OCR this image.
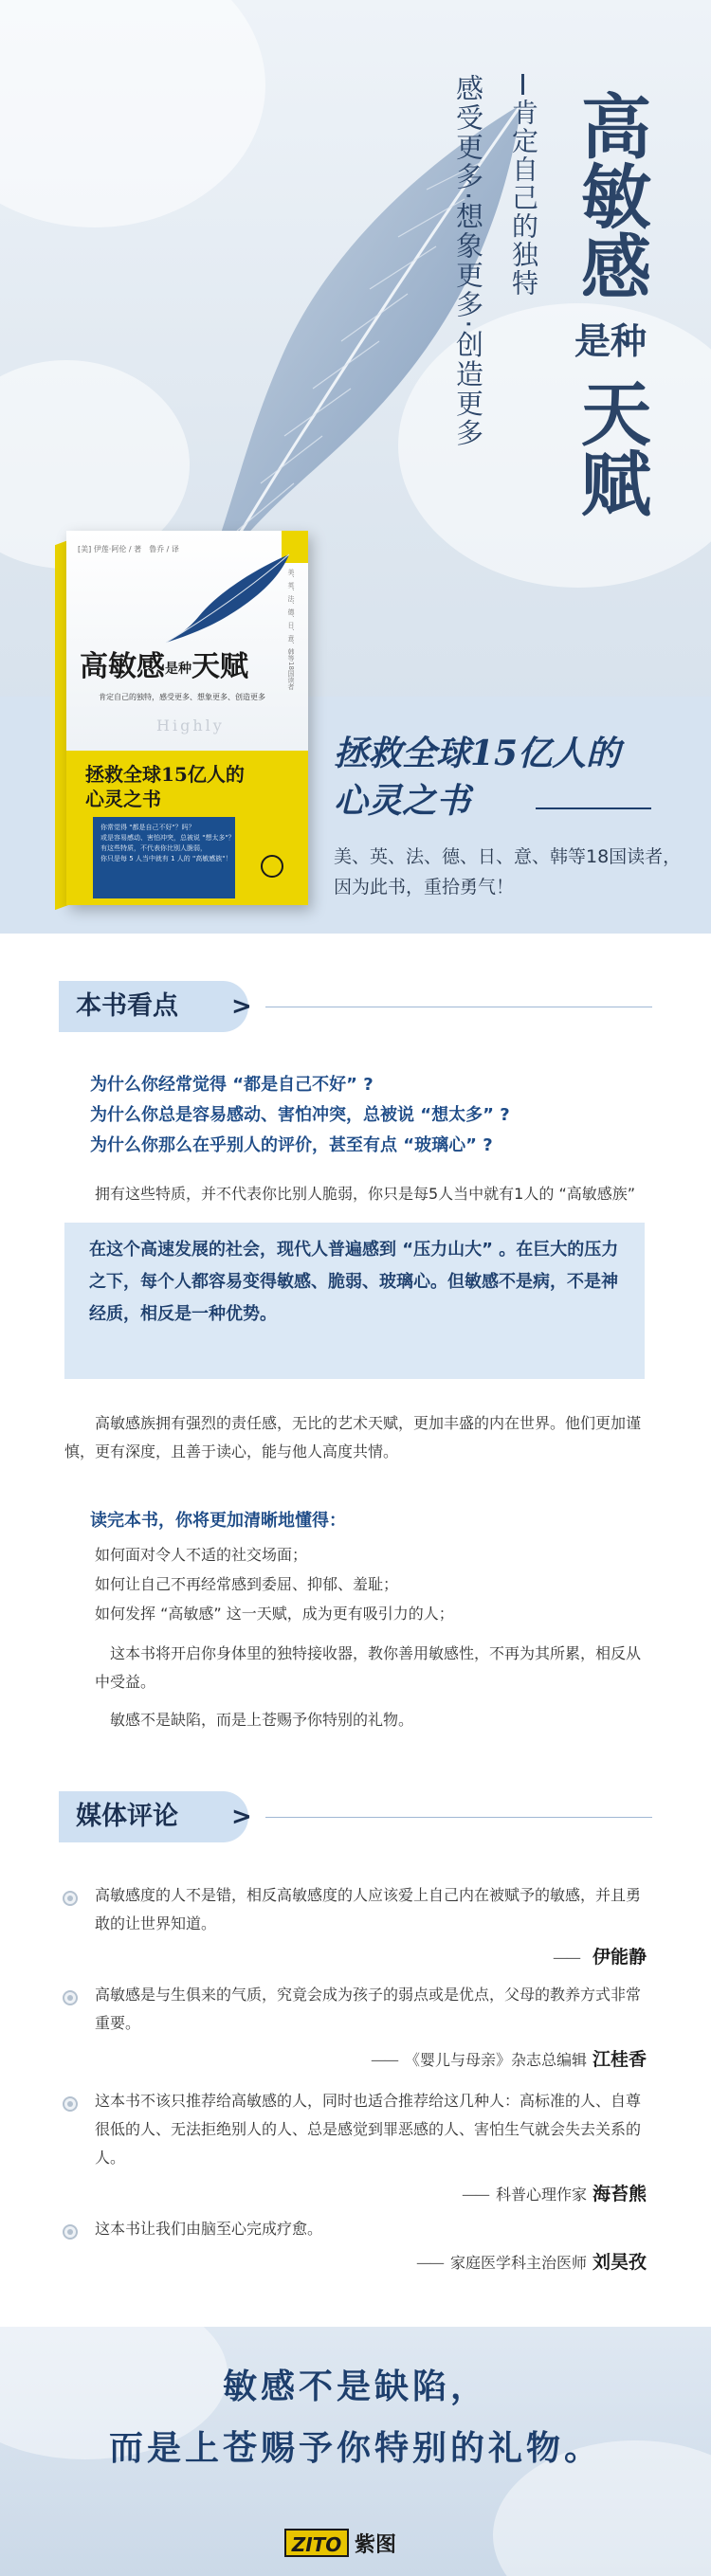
肯定自己的独特
感受更多·想象更多·创造更多 高敏感
是种
天赋
拯救全球15亿人的
心灵之书
美、英、法、德、日、意、韩等18国读者，因为此书，重拾勇气！
[美] 伊莲·阿伦 / 著　鲁乔 / 译
高敏感是种天赋
肯定自己的独特，感受更多、想象更多、创造更多
Highly
美、英、法、德、日、意、韩等18国读者
拯救全球15亿人的
心灵之书
你常觉得 "都是自己不好"？吗？
或是容易感动、害怕冲突，总被说 "想太多"？
有这些特质，不代表你比别人脆弱，
你只是每 5 人当中就有 1 人的 "高敏感族"！
本书看点	>
为什么你经常觉得 “都是自己不好” ?
为什么你总是容易感动、害怕冲突，总被说 “想太多” ?
为什么你那么在乎别人的评价，甚至有点 “玻璃心” ?
拥有这些特质，并不代表你比别人脆弱，你只是每5人当中就有1人的 “高敏感族”
在这个高速发展的社会，现代人普遍感到 “压力山大” 。在巨大的压力之下，每个人都容易变得敏感、脆弱、玻璃心。但敏感不是病，不是神经质，相反是一种优势。
高敏感族拥有强烈的责任感，无比的艺术天赋，更加丰盛的内在世界。他们更加谨慎，更有深度，且善于读心，能与他人高度共情。
读完本书，你将更加清晰地懂得：
如何面对令人不适的社交场面；
如何让自己不再经常感到委屈、抑郁、羞耻；
如何发挥 “高敏感” 这一天赋，成为更有吸引力的人；
这本书将开启你身体里的独特接收器，教你善用敏感性，不再为其所累，相反从中受益。
敏感不是缺陷，而是上苍赐予你特别的礼物。
媒体评论	>
高敏感度的人不是错，相反高敏感度的人应该爱上自己内在被赋予的敏感，并且勇敢的让世界知道。
—— 伊能静
高敏感是与生俱来的气质，究竟会成为孩子的弱点或是优点，父母的教养方式非常重要。
—— 《婴儿与母亲》杂志总编辑 江桂香
这本书不该只推荐给高敏感的人，同时也适合推荐给这几种人：高标准的人、自尊很低的人、无法拒绝别人的人、总是感觉到罪恶感的人、害怕生气就会失去关系的人。
—— 科普心理作家 海苔熊
这本书让我们由脑至心完成疗愈。
—— 家庭医学科主治医师 刘昊孜
敏感不是缺陷，
而是上苍赐予你特别的礼物。
ZITO 紫图
